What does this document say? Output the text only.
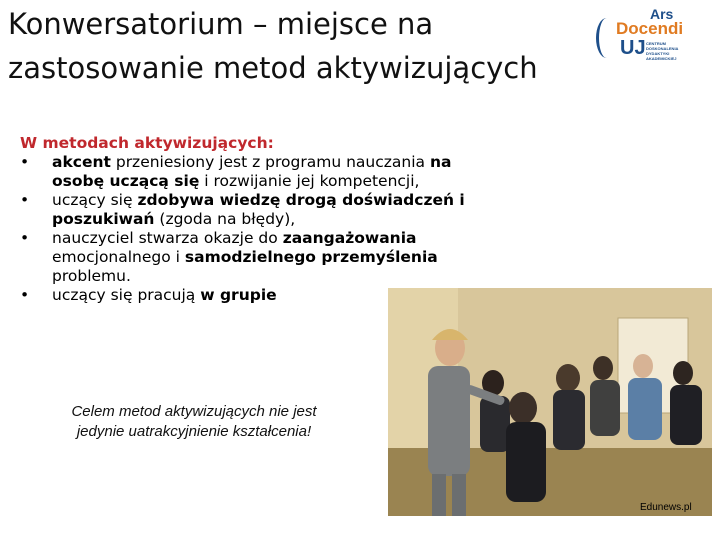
Konwersatorium – miejsce na
zastosowanie metod aktywizujących
Ars
Docendi
UJ CENTRUM
DOSKONALENIA
DYDAKTYKI
AKADEMICKIEJ
Edunews.pl
W metodach aktywizujących:
• akcent przeniesiony jest z programu nauczania na osobę uczącą się i rozwijanie jej kompetencji,
• uczący się zdobywa wiedzę drogą doświadczeń i poszukiwań (zgoda na błędy),
• nauczyciel stwarza okazje do zaangażowania emocjonalnego i samodzielnego przemyślenia problemu.
• uczący się pracują w grupie
Celem metod aktywizujących nie jest
jedynie uatrakcyjnienie kształcenia!
